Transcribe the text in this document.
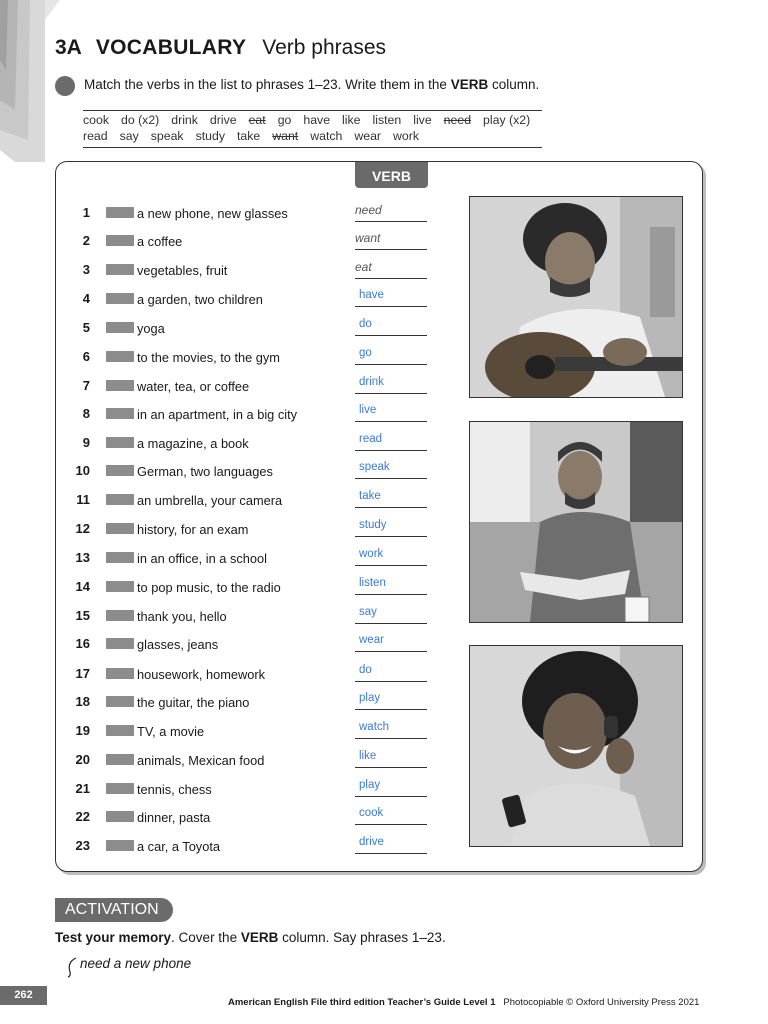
3A VOCABULARY Verb phrases
Match the verbs in the list to phrases 1–23. Write them in the VERB column.
cook do (x2) drink drive eat go have like listen live need play (x2)
read say speak study take want watch wear work
VERB
1	a new phone, new glasses	need
2	a coffee	want
3	vegetables, fruit	eat
4	a garden, two children	have
5	yoga	do
6	to the movies, to the gym	go
7	water, tea, or coffee	drink
8	in an apartment, in a big city	live
9	a magazine, a book	read
10	German, two languages	speak
11	an umbrella, your camera	take
12	history, for an exam	study
13	in an office, in a school	work
14	to pop music, to the radio	listen
15	thank you, hello	say
16	glasses, jeans	wear
17	housework, homework	do
18	the guitar, the piano	play
19	TV, a movie	watch
20	animals, Mexican food	like
21	tennis, chess	play
22	dinner, pasta	cook
23	a car, a Toyota	drive
ACTIVATION
Test your memory. Cover the VERB column. Say phrases 1–23.
need a new phone
262
American English File third edition Teacher’s Guide Level 1 Photocopiable © Oxford University Press 2021
